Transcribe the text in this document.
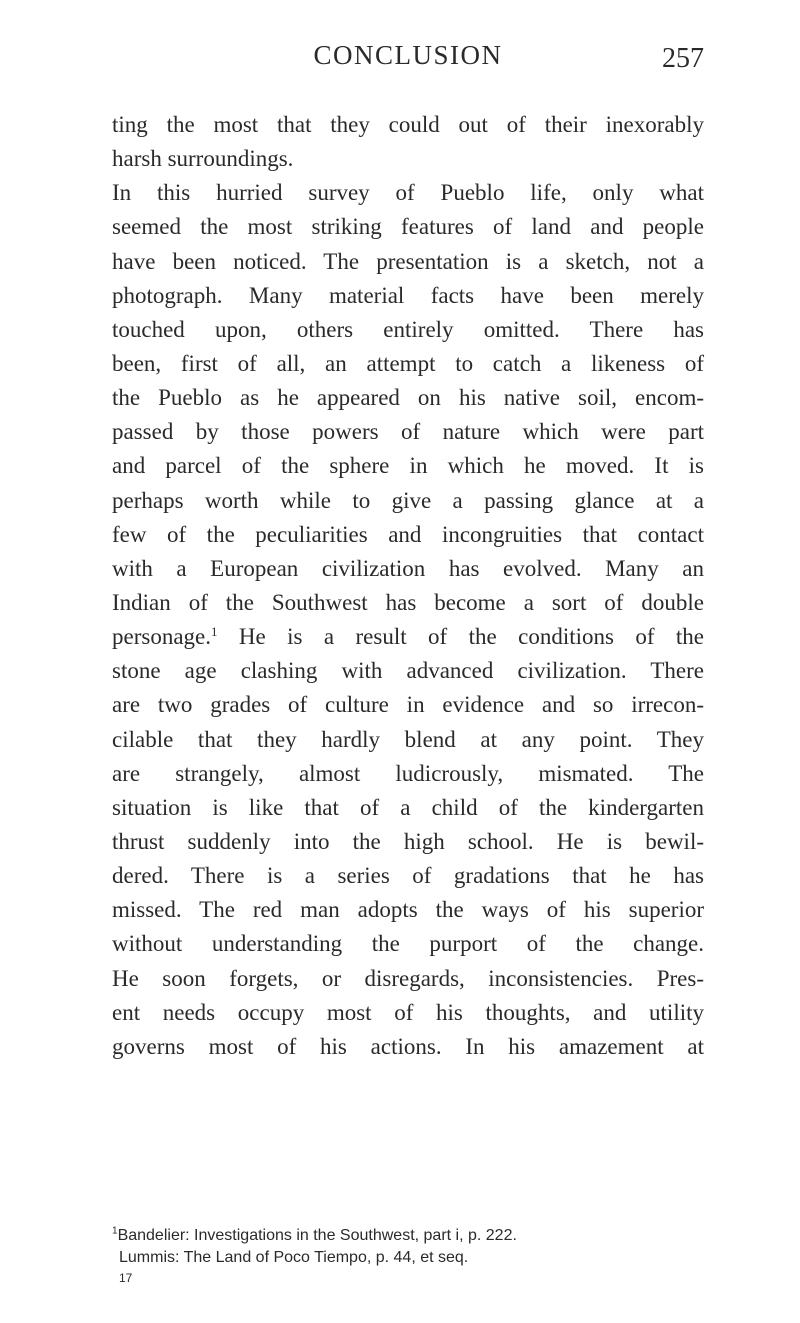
CONCLUSION	257
ting the most that they could out of their inexorably
harsh surroundings.
In this hurried survey of Pueblo life, only what
seemed the most striking features of land and people
have been noticed. The presentation is a sketch, not a
photograph. Many material facts have been merely
touched upon, others entirely omitted. There has
been, first of all, an attempt to catch a likeness of
the Pueblo as he appeared on his native soil, encom-
passed by those powers of nature which were part
and parcel of the sphere in which he moved. It is
perhaps worth while to give a passing glance at a
few of the peculiarities and incongruities that contact
with a European civilization has evolved. Many an
Indian of the Southwest has become a sort of double
personage.$^1$ He is a result of the conditions of the
stone age clashing with advanced civilization. There
are two grades of culture in evidence and so irrecon-
cilable that they hardly blend at any point. They
are strangely, almost ludicrously, mismated. The
situation is like that of a child of the kindergarten
thrust suddenly into the high school. He is bewil-
dered. There is a series of gradations that he has
missed. The red man adopts the ways of his superior
without understanding the purport of the change.
He soon forgets, or disregards, inconsistencies. Pres-
ent needs occupy most of his thoughts, and utility
governs most of his actions. In his amazement at
$^1$Bandelier: Investigations in the Southwest, part i, p. 222.
Lummis: The Land of Poco Tiempo, p. 44, et seq.
17
